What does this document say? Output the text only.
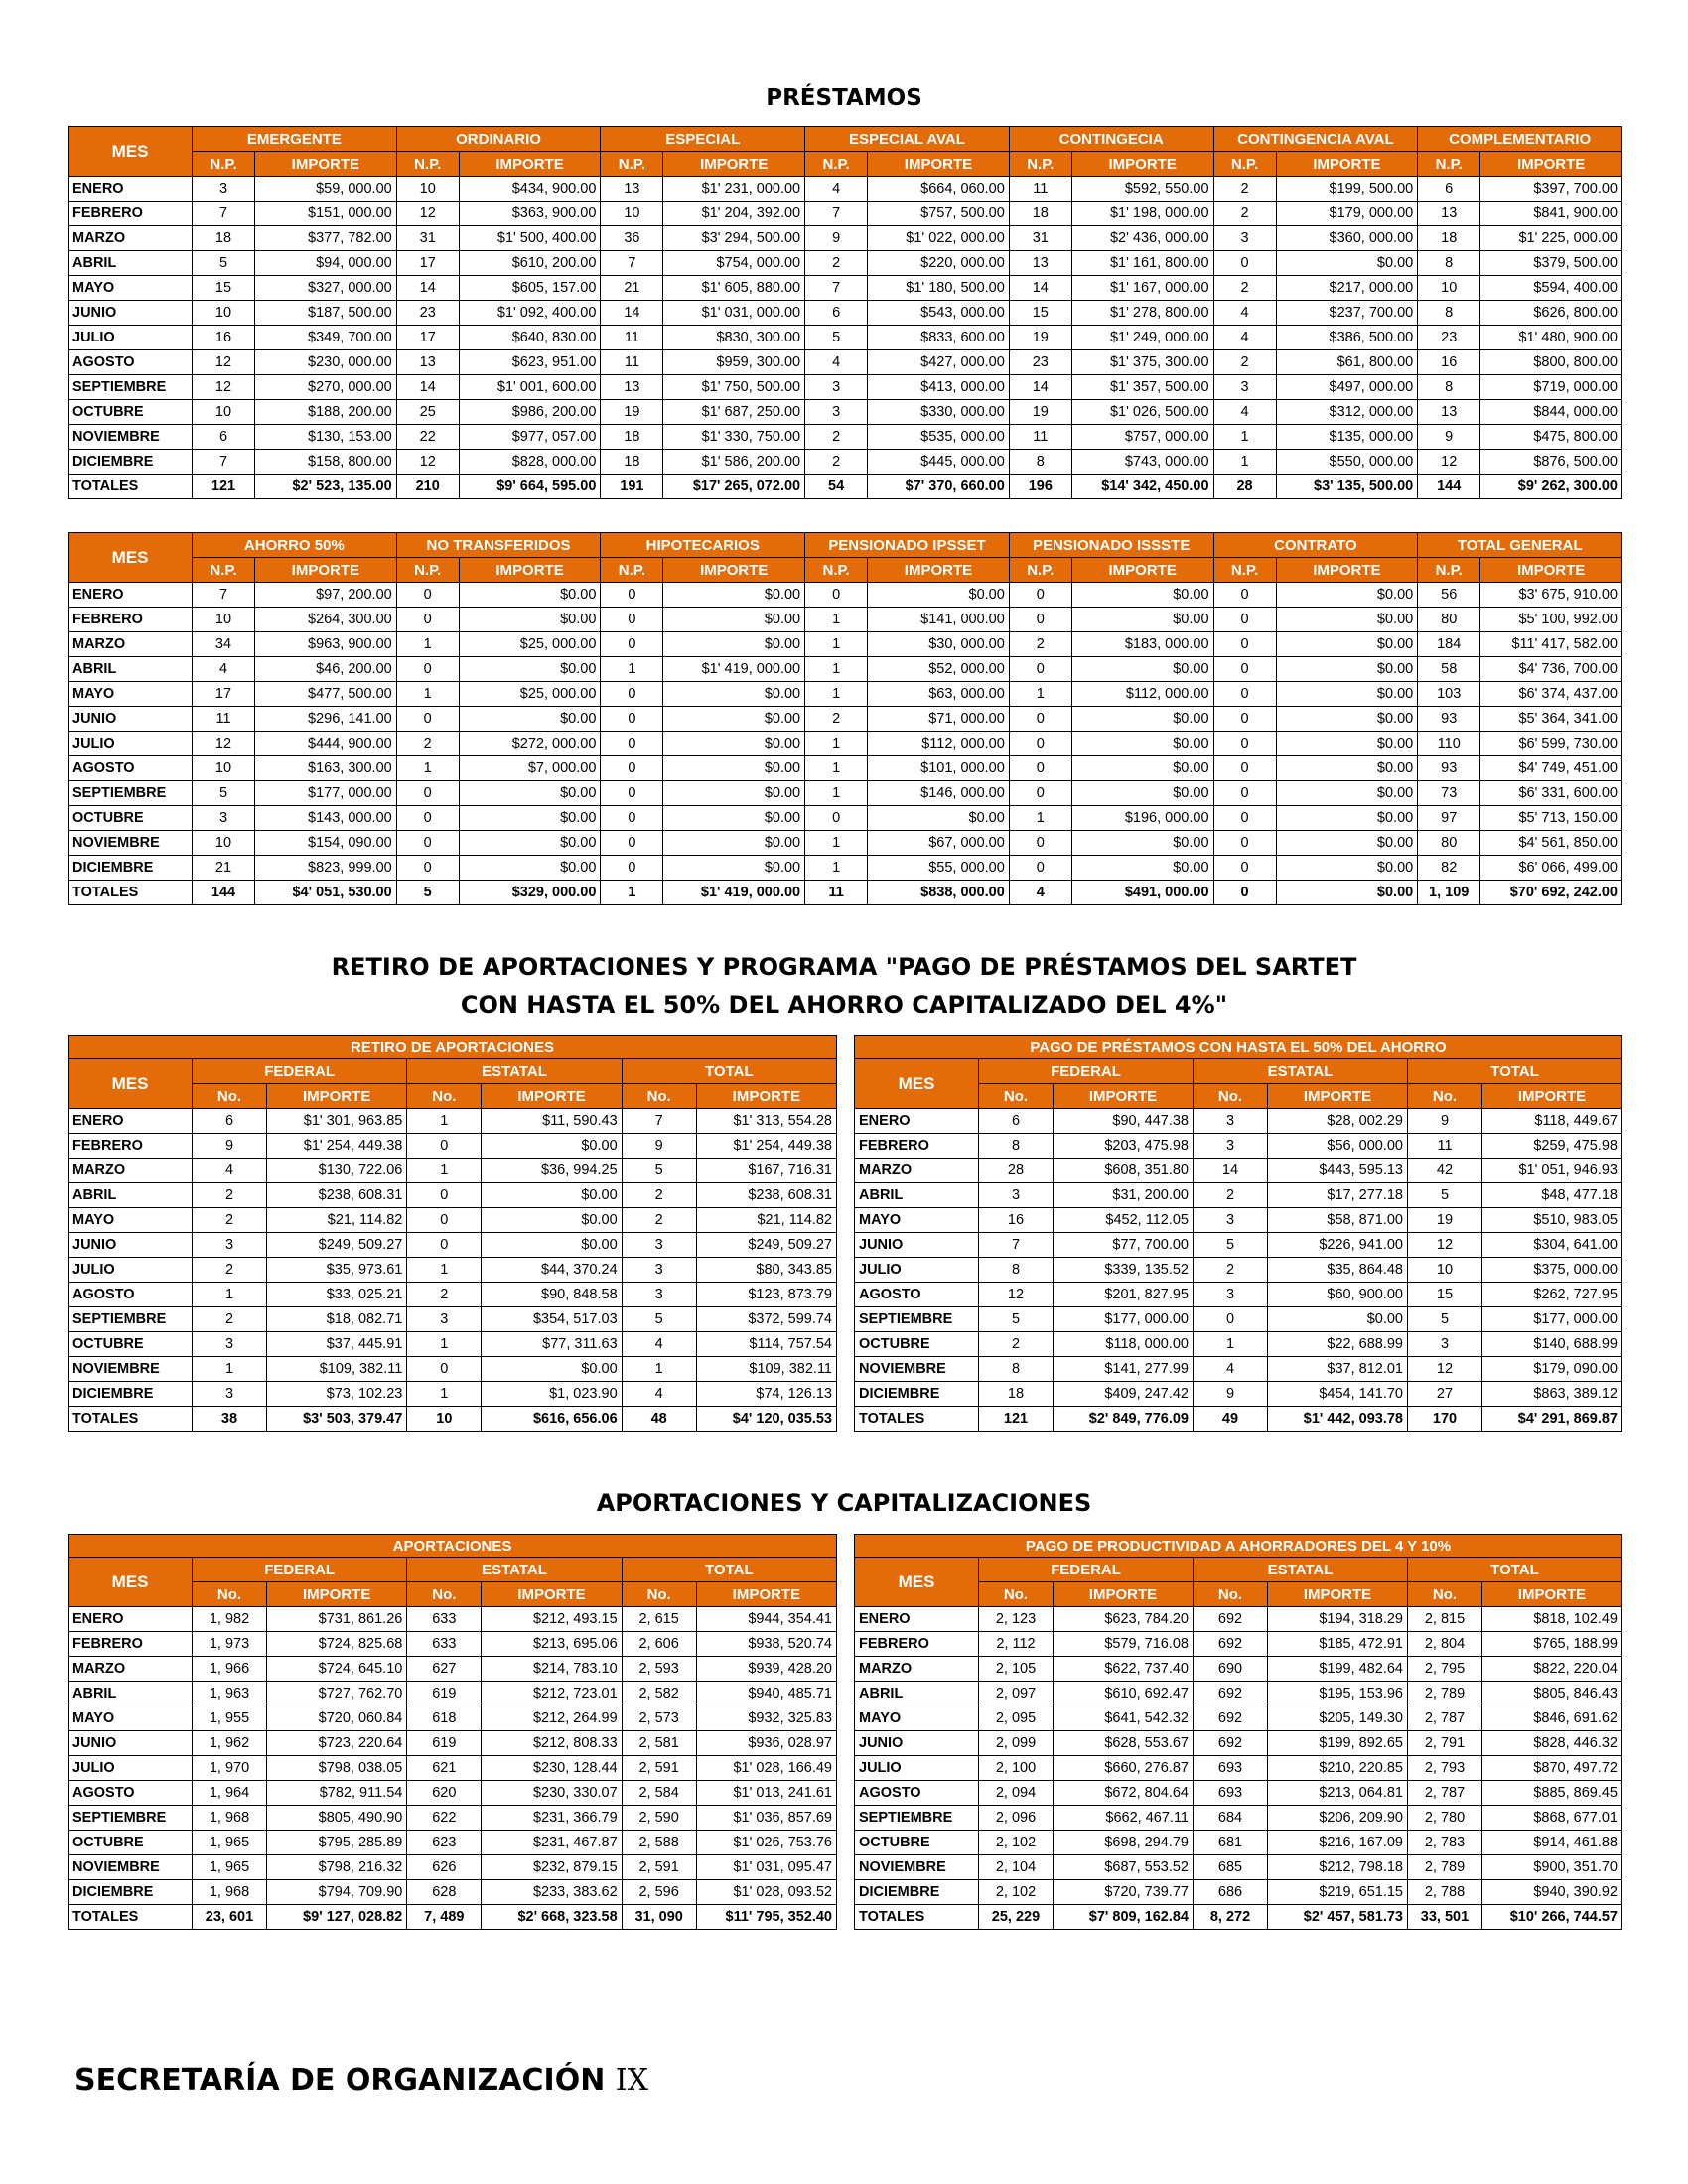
PRÉSTAMOS
MES	EMERGENTE		ORDINARIO		ESPECIAL		ESPECIAL AVAL		CONTINGECIA		CONTINGENCIA AVAL		COMPLEMENTARIO	
	N.P.	IMPORTE	N.P.	IMPORTE	N.P.	IMPORTE	N.P.	IMPORTE	N.P.	IMPORTE	N.P.	IMPORTE	N.P.	IMPORTE
ENERO	3	$59, 000.00	10	$434, 900.00	13	$1' 231, 000.00	4	$664, 060.00	11	$592, 550.00	2	$199, 500.00	6	$397, 700.00
FEBRERO	7	$151, 000.00	12	$363, 900.00	10	$1' 204, 392.00	7	$757, 500.00	18	$1' 198, 000.00	2	$179, 000.00	13	$841, 900.00
MARZO	18	$377, 782.00	31	$1' 500, 400.00	36	$3' 294, 500.00	9	$1' 022, 000.00	31	$2' 436, 000.00	3	$360, 000.00	18	$1' 225, 000.00
ABRIL	5	$94, 000.00	17	$610, 200.00	7	$754, 000.00	2	$220, 000.00	13	$1' 161, 800.00	0	$0.00	8	$379, 500.00
MAYO	15	$327, 000.00	14	$605, 157.00	21	$1' 605, 880.00	7	$1' 180, 500.00	14	$1' 167, 000.00	2	$217, 000.00	10	$594, 400.00
JUNIO	10	$187, 500.00	23	$1' 092, 400.00	14	$1' 031, 000.00	6	$543, 000.00	15	$1' 278, 800.00	4	$237, 700.00	8	$626, 800.00
JULIO	16	$349, 700.00	17	$640, 830.00	11	$830, 300.00	5	$833, 600.00	19	$1' 249, 000.00	4	$386, 500.00	23	$1' 480, 900.00
AGOSTO	12	$230, 000.00	13	$623, 951.00	11	$959, 300.00	4	$427, 000.00	23	$1' 375, 300.00	2	$61, 800.00	16	$800, 800.00
SEPTIEMBRE	12	$270, 000.00	14	$1' 001, 600.00	13	$1' 750, 500.00	3	$413, 000.00	14	$1' 357, 500.00	3	$497, 000.00	8	$719, 000.00
OCTUBRE	10	$188, 200.00	25	$986, 200.00	19	$1' 687, 250.00	3	$330, 000.00	19	$1' 026, 500.00	4	$312, 000.00	13	$844, 000.00
NOVIEMBRE	6	$130, 153.00	22	$977, 057.00	18	$1' 330, 750.00	2	$535, 000.00	11	$757, 000.00	1	$135, 000.00	9	$475, 800.00
DICIEMBRE	7	$158, 800.00	12	$828, 000.00	18	$1' 586, 200.00	2	$445, 000.00	8	$743, 000.00	1	$550, 000.00	12	$876, 500.00
TOTALES	121	$2' 523, 135.00	210	$9' 664, 595.00	191	$17' 265, 072.00	54	$7' 370, 660.00	196	$14' 342, 450.00	28	$3' 135, 500.00	144	$9' 262, 300.00
MES	AHORRO 50%		NO TRANSFERIDOS		HIPOTECARIOS		PENSIONADO IPSSET		PENSIONADO ISSSTE		CONTRATO		TOTAL GENERAL	
	N.P.	IMPORTE	N.P.	IMPORTE	N.P.	IMPORTE	N.P.	IMPORTE	N.P.	IMPORTE	N.P.	IMPORTE	N.P.	IMPORTE
ENERO	7	$97, 200.00	0	$0.00	0	$0.00	0	$0.00	0	$0.00	0	$0.00	56	$3' 675, 910.00
FEBRERO	10	$264, 300.00	0	$0.00	0	$0.00	1	$141, 000.00	0	$0.00	0	$0.00	80	$5' 100, 992.00
MARZO	34	$963, 900.00	1	$25, 000.00	0	$0.00	1	$30, 000.00	2	$183, 000.00	0	$0.00	184	$11' 417, 582.00
ABRIL	4	$46, 200.00	0	$0.00	1	$1' 419, 000.00	1	$52, 000.00	0	$0.00	0	$0.00	58	$4' 736, 700.00
MAYO	17	$477, 500.00	1	$25, 000.00	0	$0.00	1	$63, 000.00	1	$112, 000.00	0	$0.00	103	$6' 374, 437.00
JUNIO	11	$296, 141.00	0	$0.00	0	$0.00	2	$71, 000.00	0	$0.00	0	$0.00	93	$5' 364, 341.00
JULIO	12	$444, 900.00	2	$272, 000.00	0	$0.00	1	$112, 000.00	0	$0.00	0	$0.00	110	$6' 599, 730.00
AGOSTO	10	$163, 300.00	1	$7, 000.00	0	$0.00	1	$101, 000.00	0	$0.00	0	$0.00	93	$4' 749, 451.00
SEPTIEMBRE	5	$177, 000.00	0	$0.00	0	$0.00	1	$146, 000.00	0	$0.00	0	$0.00	73	$6' 331, 600.00
OCTUBRE	3	$143, 000.00	0	$0.00	0	$0.00	0	$0.00	1	$196, 000.00	0	$0.00	97	$5' 713, 150.00
NOVIEMBRE	10	$154, 090.00	0	$0.00	0	$0.00	1	$67, 000.00	0	$0.00	0	$0.00	80	$4' 561, 850.00
DICIEMBRE	21	$823, 999.00	0	$0.00	0	$0.00	1	$55, 000.00	0	$0.00	0	$0.00	82	$6' 066, 499.00
TOTALES	144	$4' 051, 530.00	5	$329, 000.00	1	$1' 419, 000.00	11	$838, 000.00	4	$491, 000.00	0	$0.00	1, 109	$70' 692, 242.00
RETIRO DE APORTACIONES Y PROGRAMA "PAGO DE PRÉSTAMOS DEL SARTET
CON HASTA EL 50% DEL AHORRO CAPITALIZADO DEL 4%"
RETIRO DE APORTACIONES						
MES	FEDERAL		ESTATAL		TOTAL	
	No.	IMPORTE	No.	IMPORTE	No.	IMPORTE
ENERO	6	$1' 301, 963.85	1	$11, 590.43	7	$1' 313, 554.28
FEBRERO	9	$1' 254, 449.38	0	$0.00	9	$1' 254, 449.38
MARZO	4	$130, 722.06	1	$36, 994.25	5	$167, 716.31
ABRIL	2	$238, 608.31	0	$0.00	2	$238, 608.31
MAYO	2	$21, 114.82	0	$0.00	2	$21, 114.82
JUNIO	3	$249, 509.27	0	$0.00	3	$249, 509.27
JULIO	2	$35, 973.61	1	$44, 370.24	3	$80, 343.85
AGOSTO	1	$33, 025.21	2	$90, 848.58	3	$123, 873.79
SEPTIEMBRE	2	$18, 082.71	3	$354, 517.03	5	$372, 599.74
OCTUBRE	3	$37, 445.91	1	$77, 311.63	4	$114, 757.54
NOVIEMBRE	1	$109, 382.11	0	$0.00	1	$109, 382.11
DICIEMBRE	3	$73, 102.23	1	$1, 023.90	4	$74, 126.13
TOTALES	38	$3' 503, 379.47	10	$616, 656.06	48	$4' 120, 035.53
PAGO DE PRÉSTAMOS CON HASTA EL 50% DEL AHORRO						
MES	FEDERAL		ESTATAL		TOTAL	
	No.	IMPORTE	No.	IMPORTE	No.	IMPORTE
ENERO	6	$90, 447.38	3	$28, 002.29	9	$118, 449.67
FEBRERO	8	$203, 475.98	3	$56, 000.00	11	$259, 475.98
MARZO	28	$608, 351.80	14	$443, 595.13	42	$1' 051, 946.93
ABRIL	3	$31, 200.00	2	$17, 277.18	5	$48, 477.18
MAYO	16	$452, 112.05	3	$58, 871.00	19	$510, 983.05
JUNIO	7	$77, 700.00	5	$226, 941.00	12	$304, 641.00
JULIO	8	$339, 135.52	2	$35, 864.48	10	$375, 000.00
AGOSTO	12	$201, 827.95	3	$60, 900.00	15	$262, 727.95
SEPTIEMBRE	5	$177, 000.00	0	$0.00	5	$177, 000.00
OCTUBRE	2	$118, 000.00	1	$22, 688.99	3	$140, 688.99
NOVIEMBRE	8	$141, 277.99	4	$37, 812.01	12	$179, 090.00
DICIEMBRE	18	$409, 247.42	9	$454, 141.70	27	$863, 389.12
TOTALES	121	$2' 849, 776.09	49	$1' 442, 093.78	170	$4' 291, 869.87
APORTACIONES Y CAPITALIZACIONES
APORTACIONES						
MES	FEDERAL		ESTATAL		TOTAL	
	No.	IMPORTE	No.	IMPORTE	No.	IMPORTE
ENERO	1, 982	$731, 861.26	633	$212, 493.15	2, 615	$944, 354.41
FEBRERO	1, 973	$724, 825.68	633	$213, 695.06	2, 606	$938, 520.74
MARZO	1, 966	$724, 645.10	627	$214, 783.10	2, 593	$939, 428.20
ABRIL	1, 963	$727, 762.70	619	$212, 723.01	2, 582	$940, 485.71
MAYO	1, 955	$720, 060.84	618	$212, 264.99	2, 573	$932, 325.83
JUNIO	1, 962	$723, 220.64	619	$212, 808.33	2, 581	$936, 028.97
JULIO	1, 970	$798, 038.05	621	$230, 128.44	2, 591	$1' 028, 166.49
AGOSTO	1, 964	$782, 911.54	620	$230, 330.07	2, 584	$1' 013, 241.61
SEPTIEMBRE	1, 968	$805, 490.90	622	$231, 366.79	2, 590	$1' 036, 857.69
OCTUBRE	1, 965	$795, 285.89	623	$231, 467.87	2, 588	$1' 026, 753.76
NOVIEMBRE	1, 965	$798, 216.32	626	$232, 879.15	2, 591	$1' 031, 095.47
DICIEMBRE	1, 968	$794, 709.90	628	$233, 383.62	2, 596	$1' 028, 093.52
TOTALES	23, 601	$9' 127, 028.82	7, 489	$2' 668, 323.58	31, 090	$11' 795, 352.40
PAGO DE PRODUCTIVIDAD A AHORRADORES DEL 4 Y 10%						
MES	FEDERAL		ESTATAL		TOTAL	
	No.	IMPORTE	No.	IMPORTE	No.	IMPORTE
ENERO	2, 123	$623, 784.20	692	$194, 318.29	2, 815	$818, 102.49
FEBRERO	2, 112	$579, 716.08	692	$185, 472.91	2, 804	$765, 188.99
MARZO	2, 105	$622, 737.40	690	$199, 482.64	2, 795	$822, 220.04
ABRIL	2, 097	$610, 692.47	692	$195, 153.96	2, 789	$805, 846.43
MAYO	2, 095	$641, 542.32	692	$205, 149.30	2, 787	$846, 691.62
JUNIO	2, 099	$628, 553.67	692	$199, 892.65	2, 791	$828, 446.32
JULIO	2, 100	$660, 276.87	693	$210, 220.85	2, 793	$870, 497.72
AGOSTO	2, 094	$672, 804.64	693	$213, 064.81	2, 787	$885, 869.45
SEPTIEMBRE	2, 096	$662, 467.11	684	$206, 209.90	2, 780	$868, 677.01
OCTUBRE	2, 102	$698, 294.79	681	$216, 167.09	2, 783	$914, 461.88
NOVIEMBRE	2, 104	$687, 553.52	685	$212, 798.18	2, 789	$900, 351.70
DICIEMBRE	2, 102	$720, 739.77	686	$219, 651.15	2, 788	$940, 390.92
TOTALES	25, 229	$7' 809, 162.84	8, 272	$2' 457, 581.73	33, 501	$10' 266, 744.57
SECRETARÍA DE ORGANIZACIÓN IX
